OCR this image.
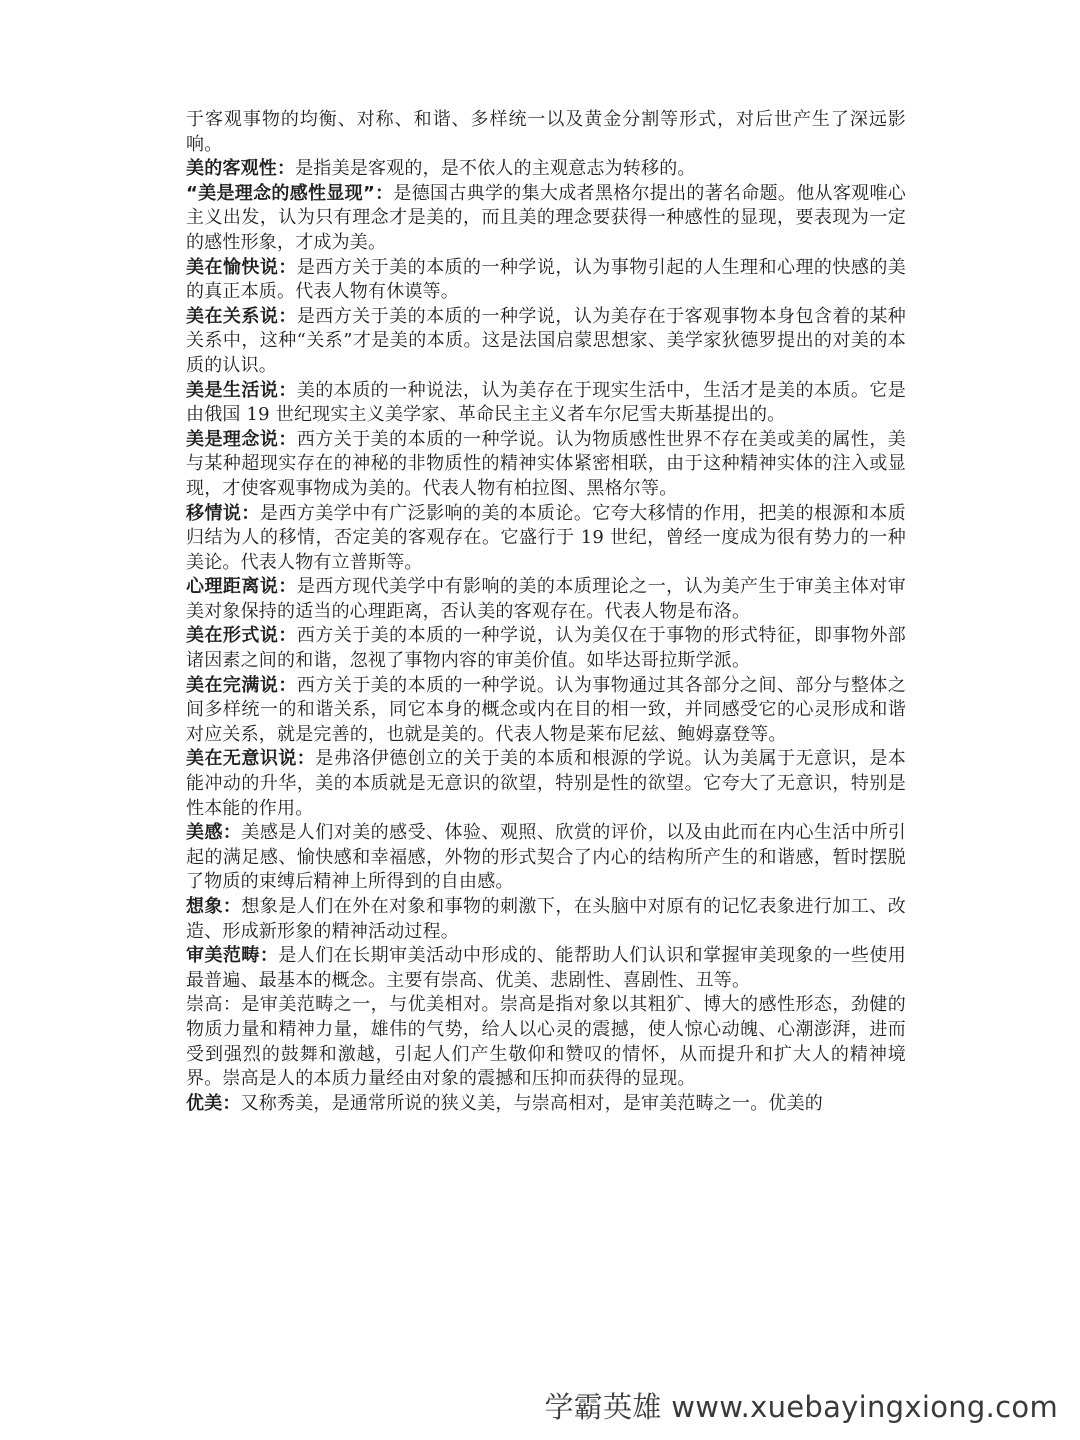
于客观事物的均衡、对称、和谐、多样统一以及黄金分割等形式，对后世产生了深远影响。

美的客观性：是指美是客观的，是不依人的主观意志为转移的。

“美是理念的感性显现”：是德国古典学的集大成者黑格尔提出的著名命题。他从客观唯心主义出发，认为只有理念才是美的，而且美的理念要获得一种感性的显现，要表现为一定的感性形象，才成为美。

美在愉快说：是西方关于美的本质的一种学说，认为事物引起的人生理和心理的快感的美的真正本质。代表人物有休谟等。

美在关系说：是西方关于美的本质的一种学说，认为美存在于客观事物本身包含着的某种关系中，这种“关系”才是美的本质。这是法国启蒙思想家、美学家狄德罗提出的对美的本质的认识。

美是生活说：美的本质的一种说法，认为美存在于现实生活中，生活才是美的本质。它是由俄国 19 世纪现实主义美学家、革命民主主义者车尔尼雪夫斯基提出的。

美是理念说：西方关于美的本质的一种学说。认为物质感性世界不存在美或美的属性，美与某种超现实存在的神秘的非物质性的精神实体紧密相联，由于这种精神实体的注入或显现，才使客观事物成为美的。代表人物有柏拉图、黑格尔等。

移情说：是西方美学中有广泛影响的美的本质论。它夸大移情的作用，把美的根源和本质归结为人的移情，否定美的客观存在。它盛行于 19 世纪，曾经一度成为很有势力的一种美论。代表人物有立普斯等。

心理距离说：是西方现代美学中有影响的美的本质理论之一，认为美产生于审美主体对审美对象保持的适当的心理距离，否认美的客观存在。代表人物是布洛。

美在形式说：西方关于美的本质的一种学说，认为美仅在于事物的形式特征，即事物外部诸因素之间的和谐，忽视了事物内容的审美价值。如毕达哥拉斯学派。

美在完满说：西方关于美的本质的一种学说。认为事物通过其各部分之间、部分与整体之间多样统一的和谐关系，同它本身的概念或内在目的相一致，并同感受它的心灵形成和谐对应关系，就是完善的，也就是美的。代表人物是莱布尼兹、鲍姆嘉登等。

美在无意识说：是弗洛伊德创立的关于美的本质和根源的学说。认为美属于无意识，是本能冲动的升华，美的本质就是无意识的欲望，特别是性的欲望。它夸大了无意识，特别是性本能的作用。

美感：美感是人们对美的感受、体验、观照、欣赏的评价，以及由此而在内心生活中所引起的满足感、愉快感和幸福感，外物的形式契合了内心的结构所产生的和谐感，暂时摆脱了物质的束缚后精神上所得到的自由感。

想象：想象是人们在外在对象和事物的刺激下，在头脑中对原有的记忆表象进行加工、改造、形成新形象的精神活动过程。

审美范畴：是人们在长期审美活动中形成的、能帮助人们认识和掌握审美现象的一些使用最普遍、最基本的概念。主要有崇高、优美、悲剧性、喜剧性、丑等。

崇高：是审美范畴之一，与优美相对。崇高是指对象以其粗犷、博大的感性形态，劲健的物质力量和精神力量，雄伟的气势，给人以心灵的震撼，使人惊心动魄、心潮澎湃，进而受到强烈的鼓舞和激越，引起人们产生敬仰和赞叹的情怀，从而提升和扩大人的精神境界。崇高是人的本质力量经由对象的震撼和压抑而获得的显现。

优美：又称秀美，是通常所说的狭义美，与崇高相对，是审美范畴之一。优美的

学霸英雄 www.xuebayingxiong.com
